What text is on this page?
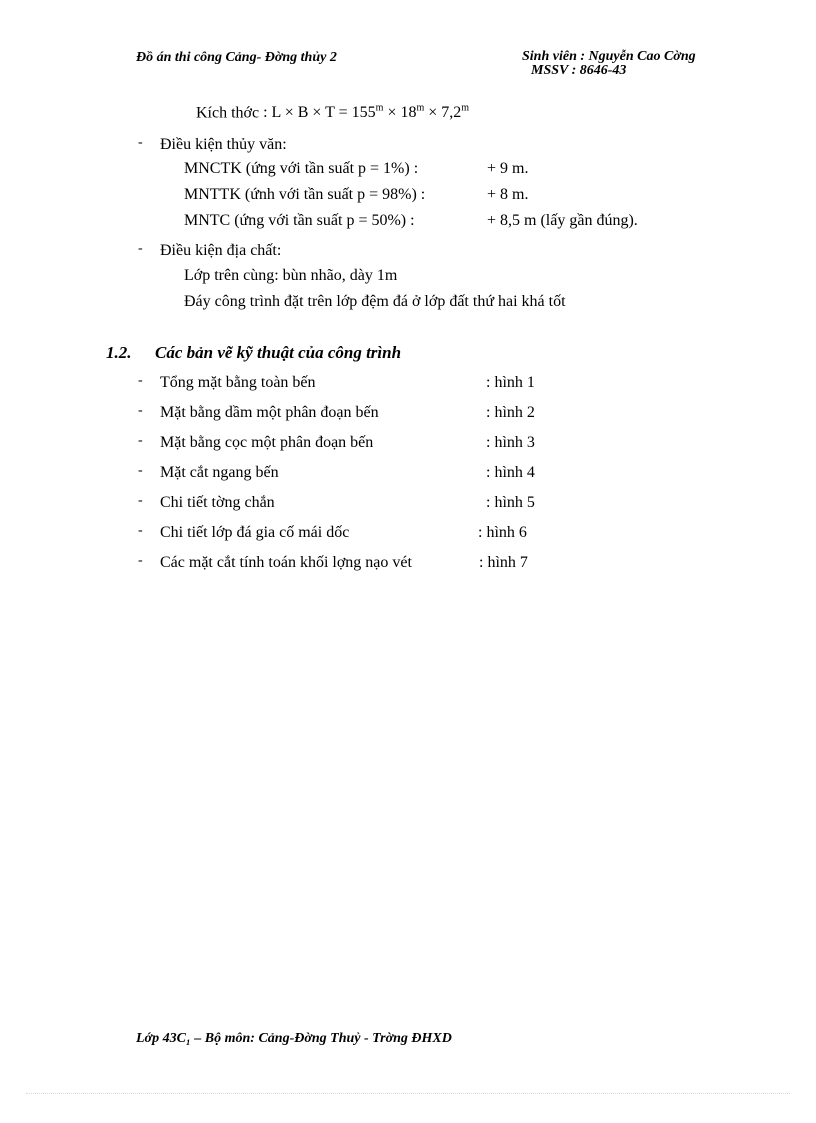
Đồ án thi công Cảng- Đờng thủy 2	Sinh viên : Nguyễn Cao Cờng
MSSV : 8646-43
Kích thớc : $L \times B \times T = 155^m \times 18^m \times 7,2^m$
- Điều kiện thủy văn:
MNCTK (ứng với tần suất p = 1%) :	+ 9 m.
MNTTK (ứnh với tần suất p = 98%) :	+ 8 m.
MNTC (ứng với tần suất p = 50%) :	+ 8,5 m (lấy gần đúng).
- Điều kiện địa chất:
Lớp trên cùng: bùn nhão, dày 1m
Đáy công trình đặt trên lớp đệm đá ở lớp đất thứ hai khá tốt
1.2. Các bản vẽ kỹ thuật của công trình
- Tổng mặt bằng toàn bến	: hình 1
- Mặt bằng dầm một phân đoạn bến	: hình 2
- Mặt bằng cọc một phân đoạn bến	: hình 3
- Mặt cắt ngang bến	: hình 4
- Chi tiết tờng chắn	: hình 5
- Chi tiết lớp đá gia cố mái dốc	: hình 6
- Các mặt cắt tính toán khối lợng nạo vét	: hình 7
Lớp 43C₁ – Bộ môn: Cảng-Đờng Thuỷ - Trờng ĐHXD
